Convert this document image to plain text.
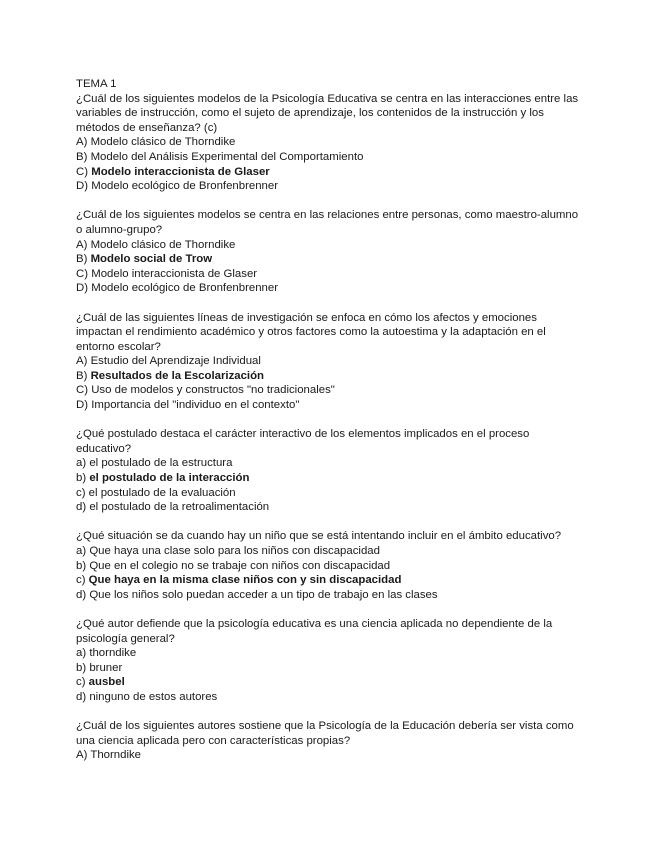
TEMA 1

¿Cuál de los siguientes modelos de la Psicología Educativa se centra en las interacciones entre las variables de instrucción, como el sujeto de aprendizaje, los contenidos de la instrucción y los métodos de enseñanza? (c)

A) Modelo clásico de Thorndike
B) Modelo del Análisis Experimental del Comportamiento
C) Modelo interaccionista de Glaser
D) Modelo ecológico de Bronfenbrenner

¿Cuál de los siguientes modelos se centra en las relaciones entre personas, como maestro-alumno o alumno-grupo?

A) Modelo clásico de Thorndike
B) Modelo social de Trow
C) Modelo interaccionista de Glaser
D) Modelo ecológico de Bronfenbrenner

¿Cuál de las siguientes líneas de investigación se enfoca en cómo los afectos y emociones impactan el rendimiento académico y otros factores como la autoestima y la adaptación en el entorno escolar?

A) Estudio del Aprendizaje Individual
B) Resultados de la Escolarización
C) Uso de modelos y constructos "no tradicionales"
D) Importancia del "individuo en el contexto"

¿Qué postulado destaca el carácter interactivo de los elementos implicados en el proceso educativo?

a) el postulado de la estructura
b) el postulado de la interacción
c) el postulado de la evaluación
d) el postulado de la retroalimentación

¿Qué situación se da cuando hay un niño que se está intentando incluir en el ámbito educativo?

a) Que haya una clase solo para los niños con discapacidad
b) Que en el colegio no se trabaje con niños con discapacidad
c) Que haya en la misma clase niños con y sin discapacidad
d) Que los niños solo puedan acceder a un tipo de trabajo en las clases

¿Qué autor defiende que la psicología educativa es una ciencia aplicada no dependiente de la psicología general?

a) thorndike
b) bruner
c) ausbel
d) ninguno de estos autores

¿Cuál de los siguientes autores sostiene que la Psicología de la Educación debería ser vista como una ciencia aplicada pero con características propias?

A) Thorndike
